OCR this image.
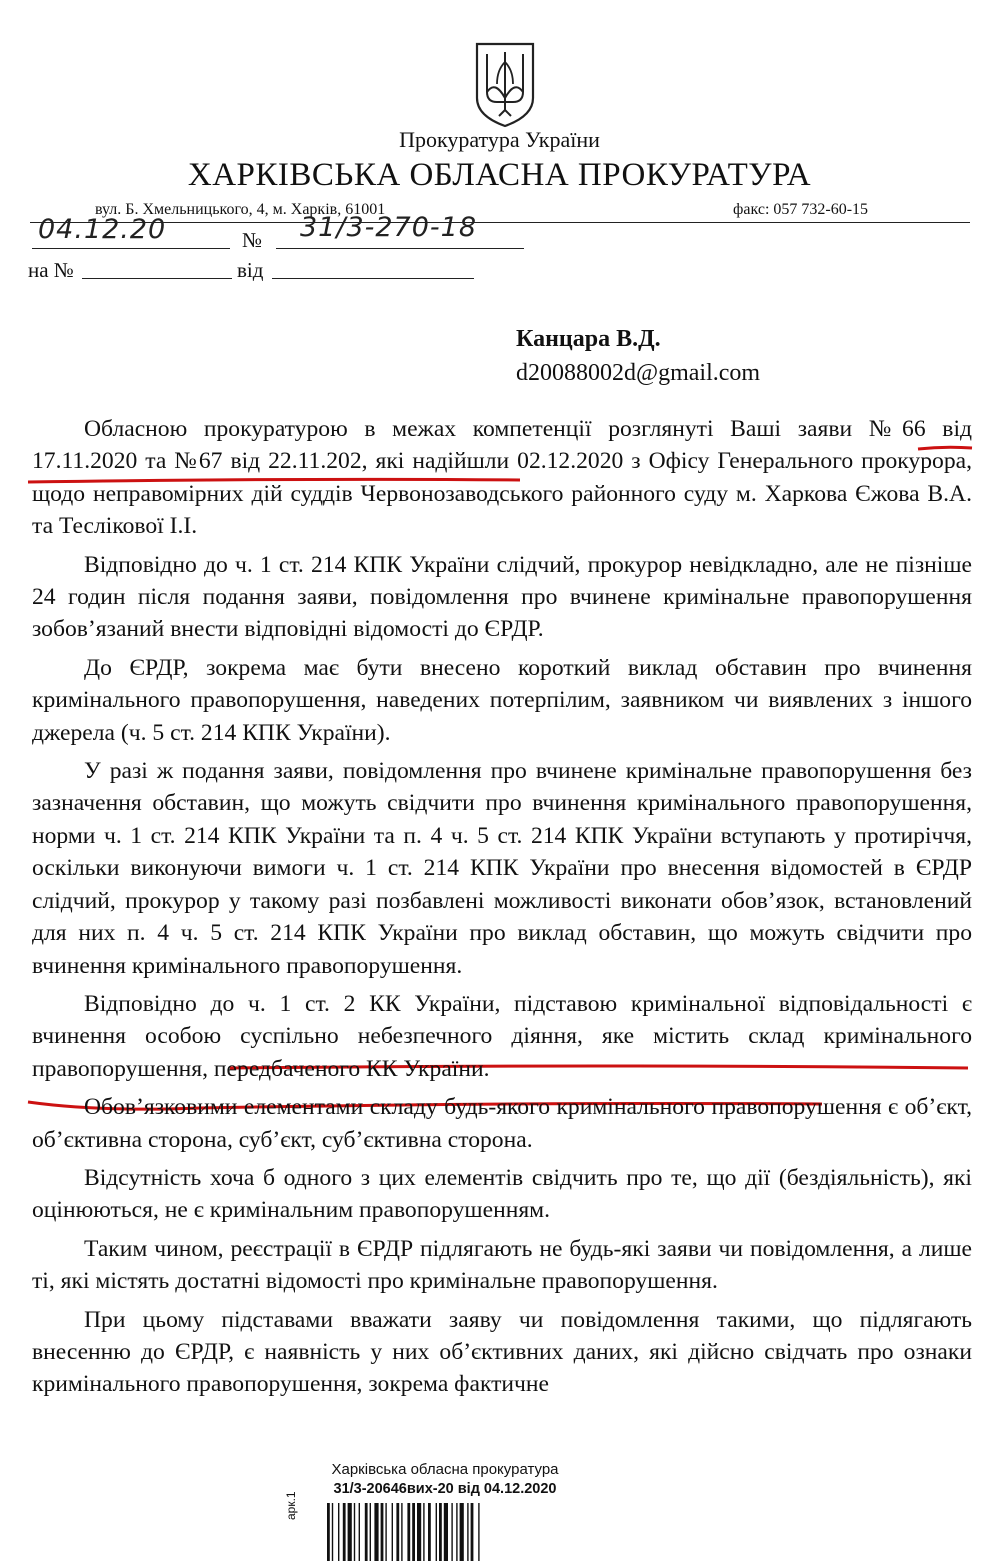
Прокуратура України
ХАРКІВСЬКА ОБЛАСНА ПРОКУРАТУРА
вул. Б. Хмельницького, 4, м. Харків, 61001	факс: 057 732-60-15
04.12.20	№ 31/3-270-18
на №	від
Канцара В.Д.
d20088002d@gmail.com

Обласною прокуратурою в межах компетенції розглянуті Ваші заяви №66 від 17.11.2020 та №67 від 22.11.202, які надійшли 02.12.2020 з Офісу Генерального прокурора, щодо неправомірних дій суддів Червонозаводського районного суду м. Харкова Єжова В.А. та Теслікової І.І.

Відповідно до ч. 1 ст. 214 КПК України слідчий, прокурор невідкладно, але не пізніше 24 годин після подання заяви, повідомлення про вчинене кримінальне правопорушення зобов’язаний внести відповідні відомості до ЄРДР.

До ЄРДР, зокрема має бути внесено короткий виклад обставин про вчинення кримінального правопорушення, наведених потерпілим, заявником чи виявлених з іншого джерела (ч. 5 ст. 214 КПК України).

У разі ж подання заяви, повідомлення про вчинене кримінальне правопорушення без зазначення обставин, що можуть свідчити про вчинення кримінального правопорушення, норми ч. 1 ст. 214 КПК України та п. 4 ч. 5 ст. 214 КПК України вступають у протиріччя, оскільки виконуючи вимоги ч. 1 ст. 214 КПК України про внесення відомостей в ЄРДР слідчий, прокурор у такому разі позбавлені можливості виконати обов’язок, встановлений для них п. 4 ч. 5 ст. 214 КПК України про виклад обставин, що можуть свідчити про вчинення кримінального правопорушення.

Відповідно до ч. 1 ст. 2 КК України, підставою кримінальної відповідальності є вчинення особою суспільно небезпечного діяння, яке містить склад кримінального правопорушення, передбаченого КК України.

Обов’язковими елементами складу будь-якого кримінального правопорушення є об’єкт, об’єктивна сторона, суб’єкт, суб’єктивна сторона.

Відсутність хоча б одного з цих елементів свідчить про те, що дії (бездіяльність), які оцінюються, не є кримінальним правопорушенням.

Таким чином, реєстрації в ЄРДР підлягають не будь-які заяви чи повідомлення, а лише ті, які містять достатні відомості про кримінальне правопорушення.

При цьому підставами вважати заяву чи повідомлення такими, що підлягають внесенню до ЄРДР, є наявність у них об’єктивних даних, які дійсно свідчать про ознаки кримінального правопорушення, зокрема фактичне

Харківська обласна прокуратура
31/3-20646вих-20 від 04.12.2020
арк.1
